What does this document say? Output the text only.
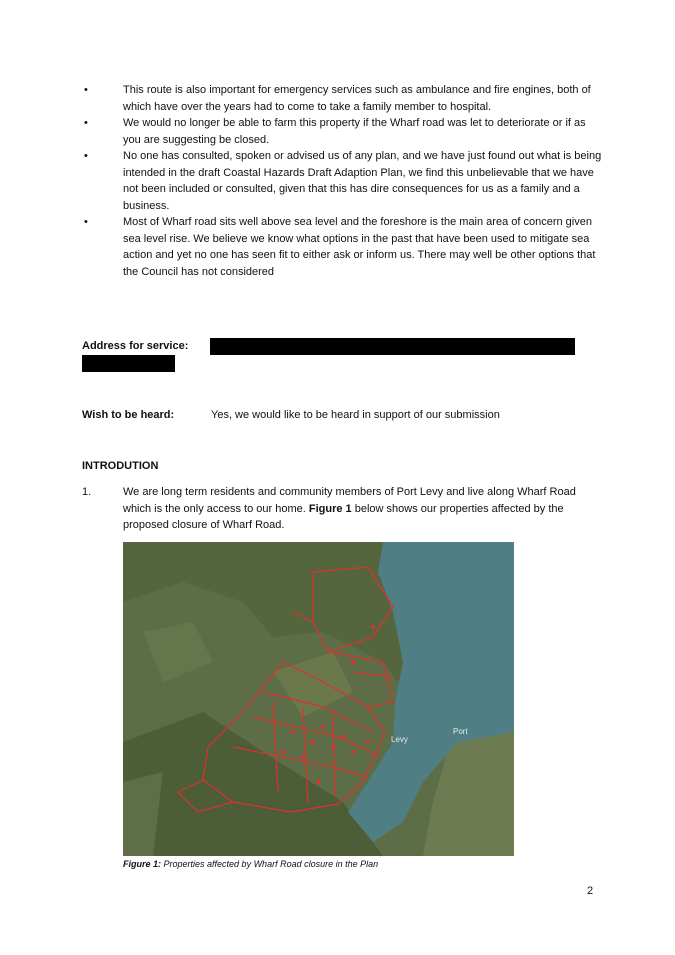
•	This route is also important for emergency services such as ambulance and fire engines, both of which have over the years had to come to take a family member to hospital.

•	We would no longer be able to farm this property if the Wharf road was let to deteriorate or if as you are suggesting be closed.

•	No one has consulted, spoken or advised us of any plan, and we have just found out what is being intended in the draft Coastal Hazards Draft Adaption Plan, we find this unbelievable that we have not been included or consulted, given that this has dire consequences for us as a family and a business.

•	Most of Wharf road sits well above sea level and the foreshore is the main area of concern given sea level rise. We believe we know what options in the past that have been used to mitigate sea action and yet no one has seen fit to either ask or inform us. There may well be other options that the Council has not considered

Address for service:
Wish to be heard:	Yes, we would like to be heard in support of our submission
INTRODUTION
1.	We are long term residents and community members of Port Levy and live along Wharf Road which is the only access to our home. Figure 1 below shows our properties affected by the proposed closure of Wharf Road.
Levy
Port
Figure 1: Properties affected by Wharf Road closure in the Plan
2
